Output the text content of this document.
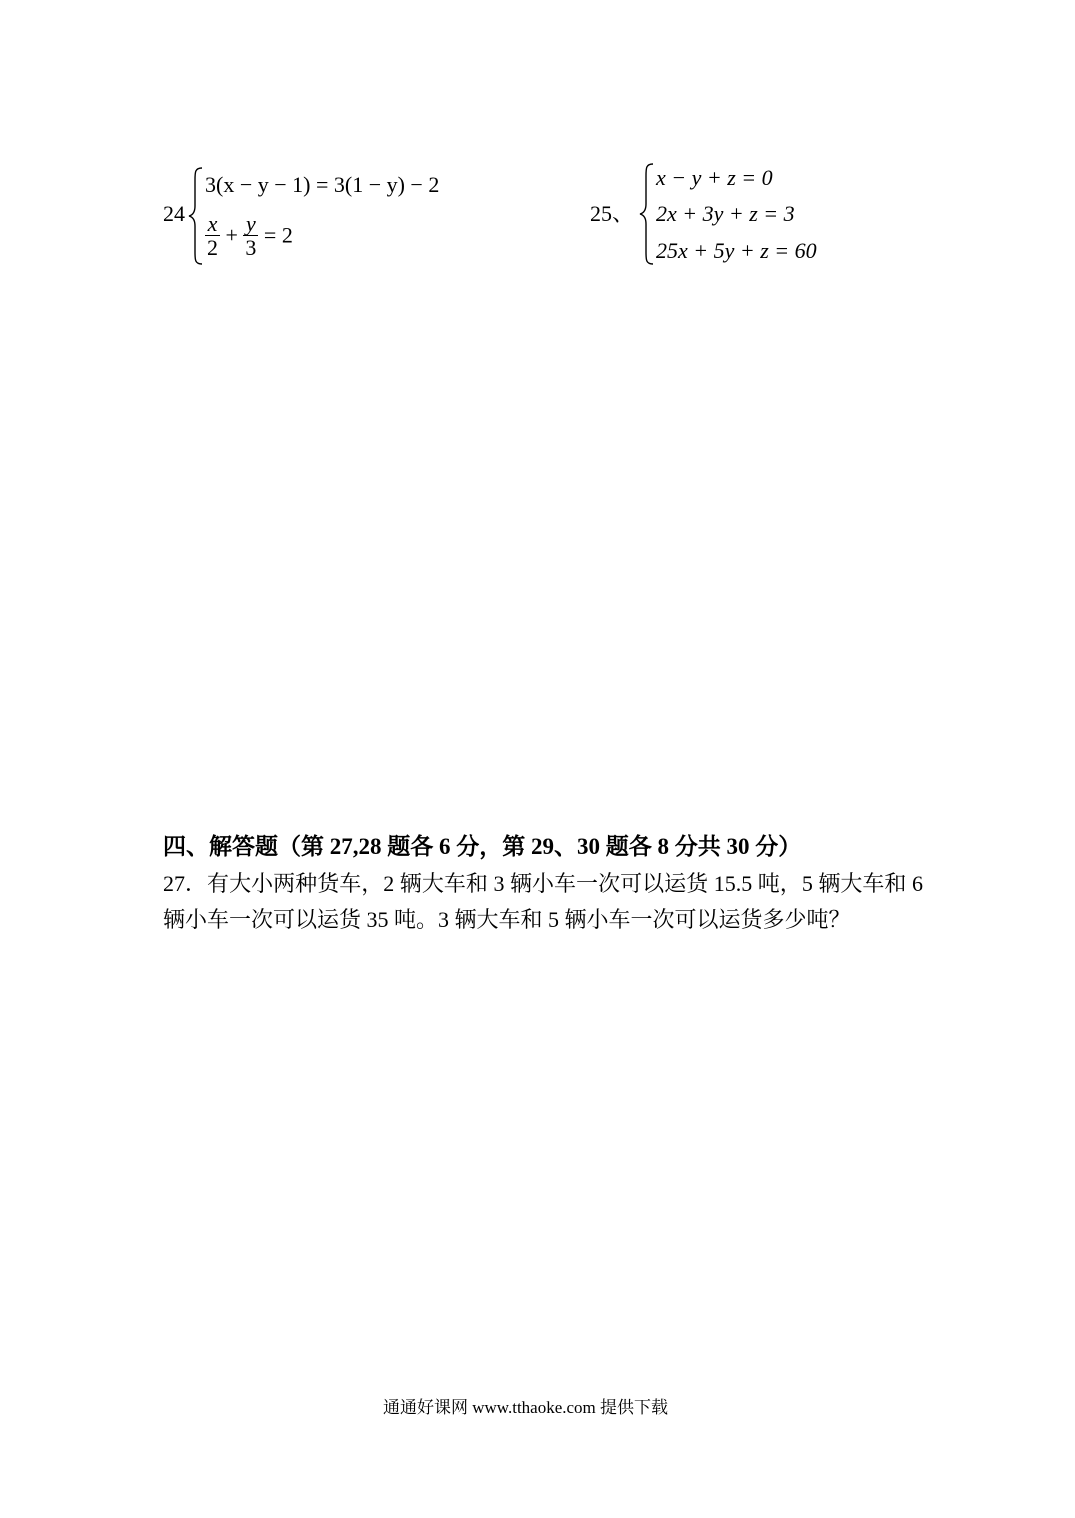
24
3(x − y − 1) = 3(1 − y) − 2
$\frac{x}{2} + \frac{y}{3} = 2$
25、
x − y + z = 0
2x + 3y + z = 3
25x + 5y + z = 60
四、解答题（第 27,28 题各 6 分，第 29、30 题各 8 分共 30 分）
27．有大小两种货车，2 辆大车和 3 辆小车一次可以运货 15.5 吨，5 辆大车和 6 辆小车一次可以运货 35 吨。3 辆大车和 5 辆小车一次可以运货多少吨？
通通好课网 www.tthaoke.com 提供下载
